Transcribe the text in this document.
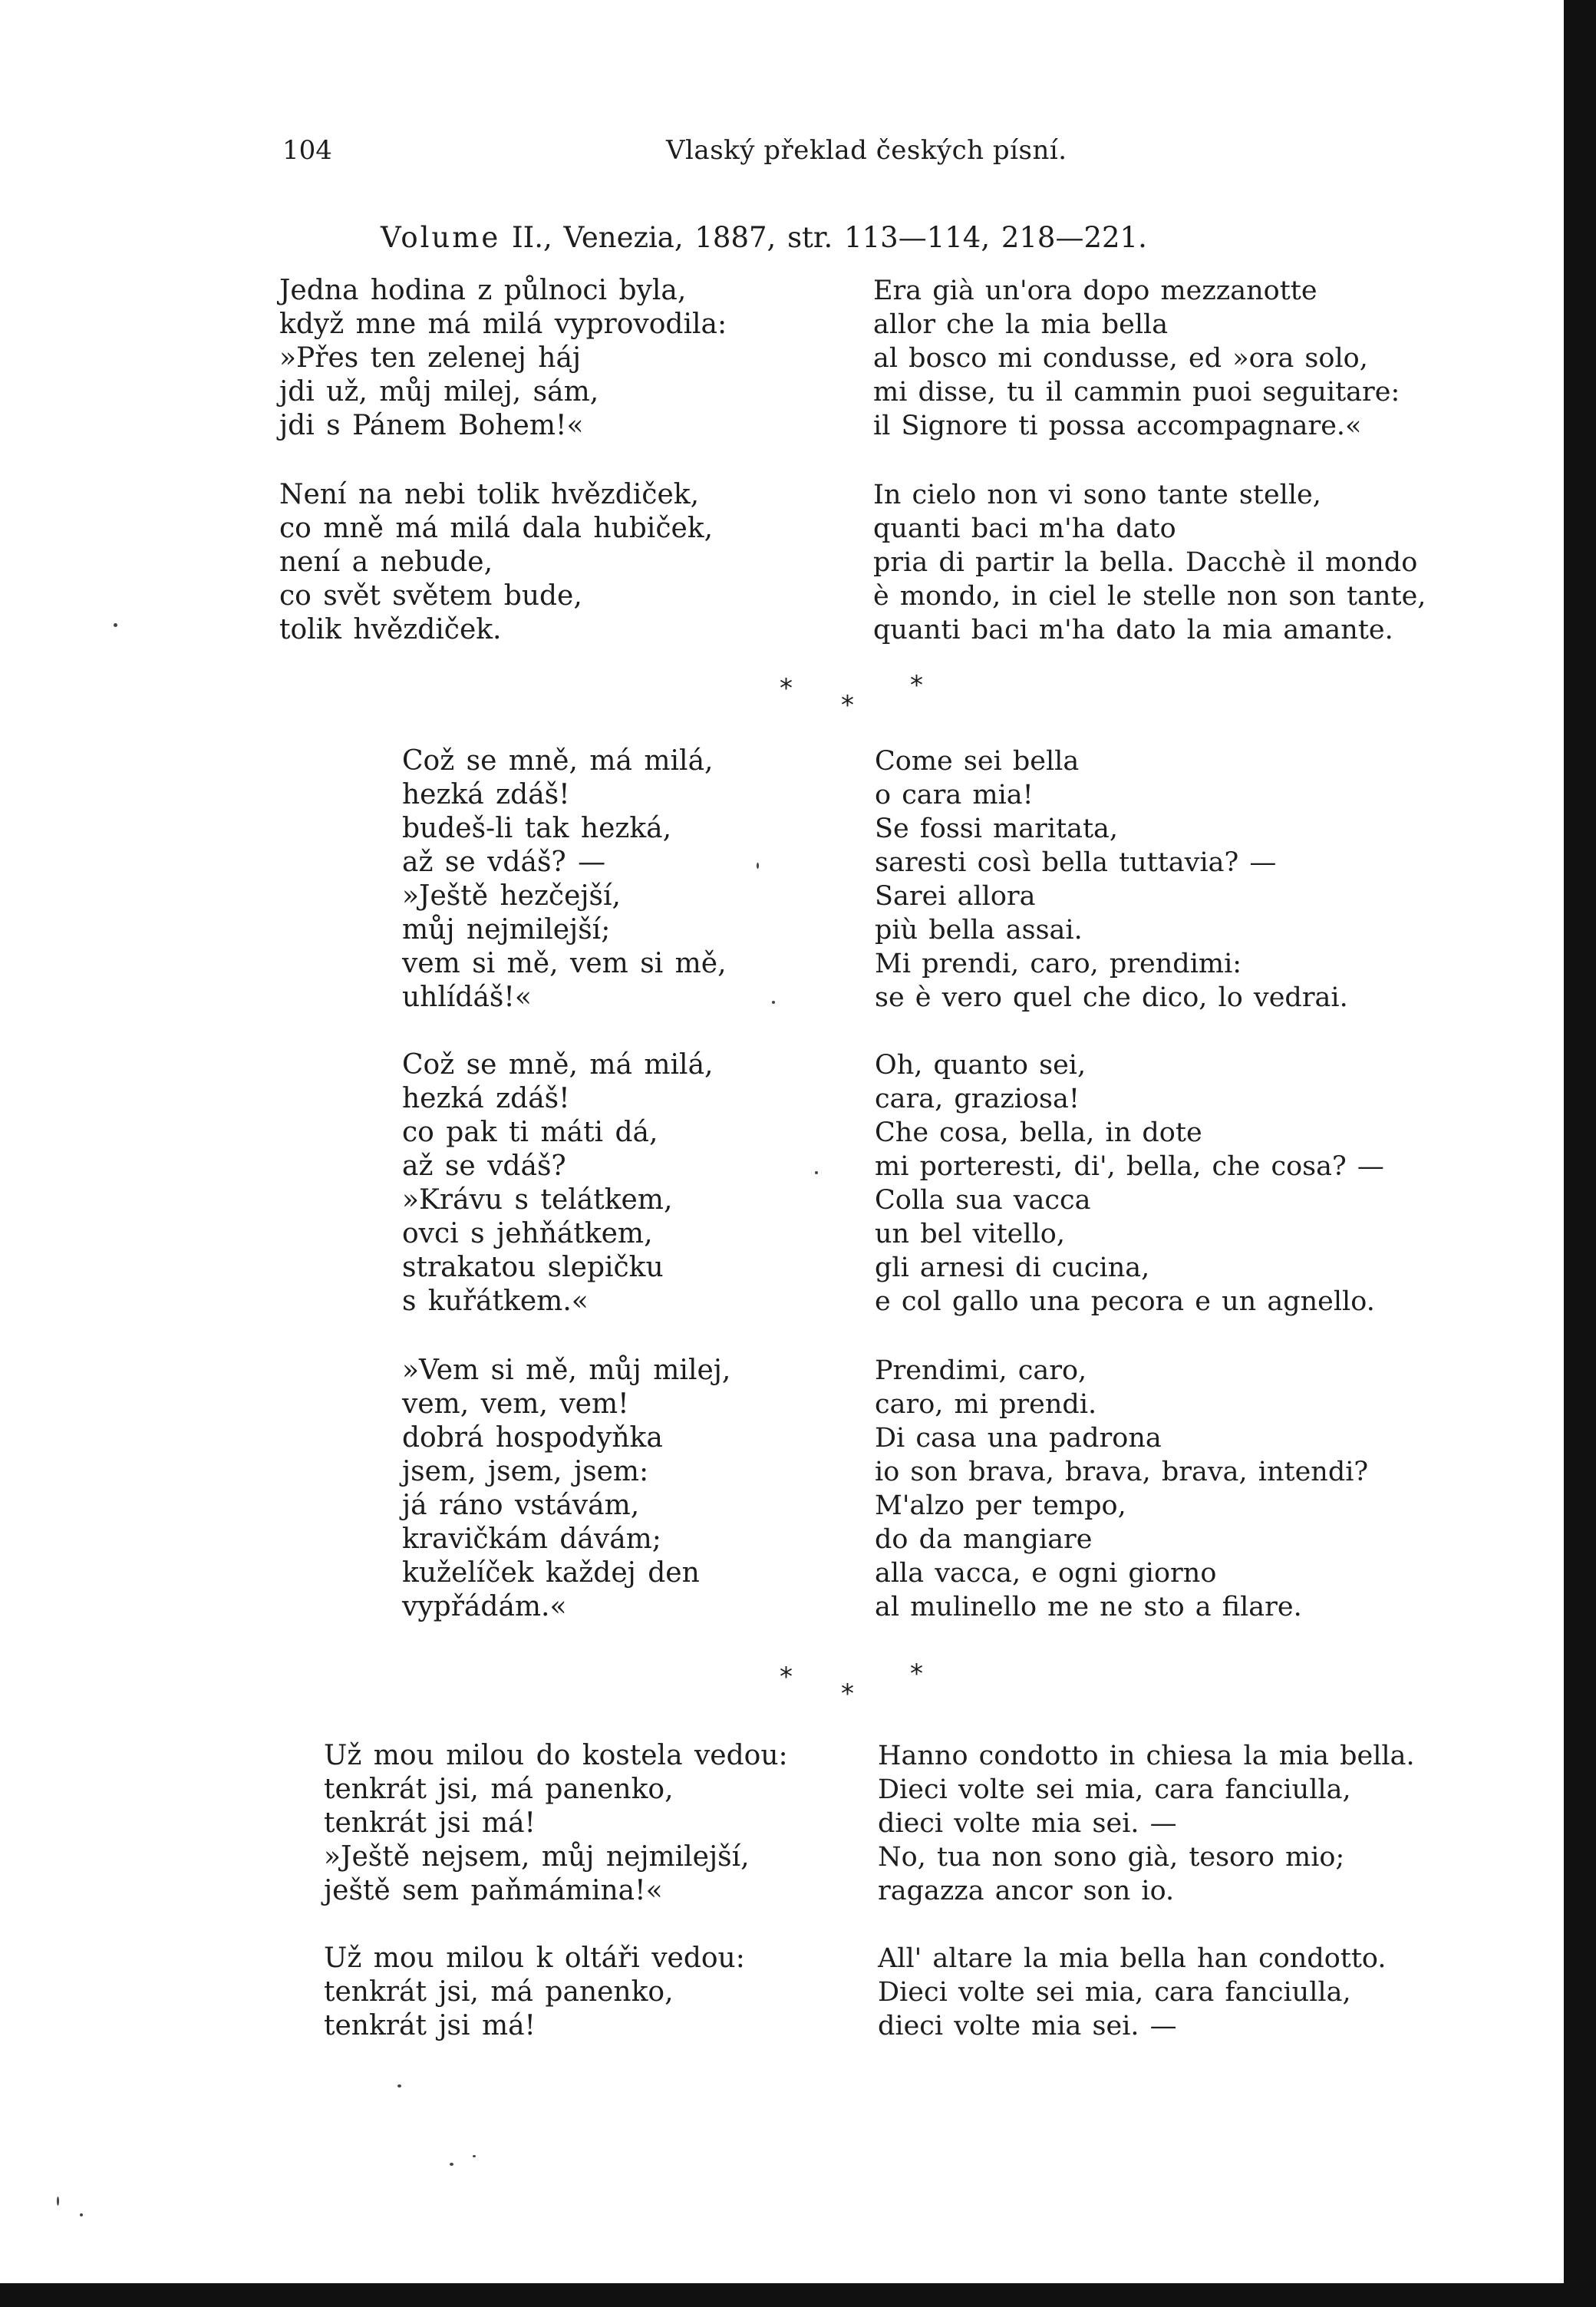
104	Vlaský překlad českých písní.
Volume II., Venezia, 1887, str. 113—114, 218—221.
Jedna hodina z půlnoci byla,
když mne má milá vyprovodila:
»Přes ten zelenej háj
jdi už, můj milej, sám,
jdi s Pánem Bohem!«
Era già un'ora dopo mezzanotte
allor che la mia bella
al bosco mi condusse, ed »ora solo,
mi disse, tu il cammin puoi seguitare:
il Signore ti possa accompagnare.«
Není na nebi tolik hvězdiček,
co mně má milá dala hubiček,
není a nebude,
co svět světem bude,
tolik hvězdiček.
In cielo non vi sono tante stelle,
quanti baci m'ha dato
pria di partir la bella. Dacchè il mondo
è mondo, in ciel le stelle non son tante,
quanti baci m'ha dato la mia amante.
*
*
*
Což se mně, má milá,
hezká zdáš!
budeš-li tak hezká,
až se vdáš? —
»Ještě hezčejší,
můj nejmilejší;
vem si mě, vem si mě,
uhlídáš!«
Come sei bella
o cara mia!
Se fossi maritata,
saresti così bella tuttavia? —
Sarei allora
più bella assai.
Mi prendi, caro, prendimi:
se è vero quel che dico, lo vedrai.
Což se mně, má milá,
hezká zdáš!
co pak ti máti dá,
až se vdáš?
»Krávu s telátkem,
ovci s jehňátkem,
strakatou slepičku
s kuřátkem.«
Oh, quanto sei,
cara, graziosa!
Che cosa, bella, in dote
mi porteresti, di', bella, che cosa? —
Colla sua vacca
un bel vitello,
gli arnesi di cucina,
e col gallo una pecora e un agnello.
»Vem si mě, můj milej,
vem, vem, vem!
dobrá hospodyňka
jsem, jsem, jsem:
já ráno vstávám,
kravičkám dávám;
kuželíček každej den
vypřádám.«
Prendimi, caro,
caro, mi prendi.
Di casa una padrona
io son brava, brava, brava, intendi?
M'alzo per tempo,
do da mangiare
alla vacca, e ogni giorno
al mulinello me ne sto a filare.
*
*
*
Už mou milou do kostela vedou:
tenkrát jsi, má panenko,
tenkrát jsi má!
»Ještě nejsem, můj nejmilejší,
ještě sem paňmámina!«
Hanno condotto in chiesa la mia bella.
Dieci volte sei mia, cara fanciulla,
dieci volte mia sei. —
No, tua non sono già, tesoro mio;
ragazza ancor son io.
Už mou milou k oltáři vedou:
tenkrát jsi, má panenko,
tenkrát jsi má!
All' altare la mia bella han condotto.
Dieci volte sei mia, cara fanciulla,
dieci volte mia sei. —
